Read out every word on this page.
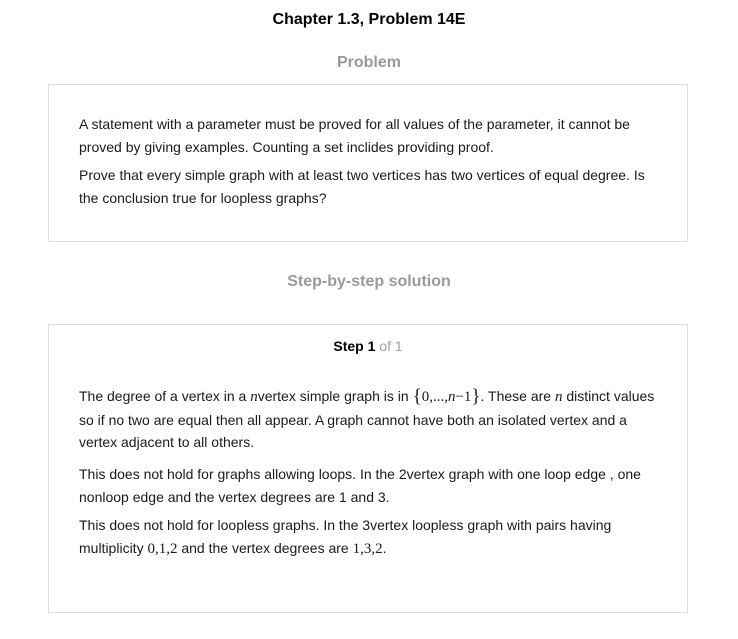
Chapter 1.3, Problem 14E
Problem

A statement with a parameter must be proved for all values of the parameter, it cannot be proved by giving examples. Counting a set inclides providing proof.

Prove that every simple graph with at least two vertices has two vertices of equal degree. Is the conclusion true for loopless graphs?

Step-by-step solution
Step 1 of 1

The degree of a vertex in a nvertex simple graph is in {0,...,n−1}. These are n distinct values so if no two are equal then all appear. A graph cannot have both an isolated vertex and a vertex adjacent to all others.

This does not hold for graphs allowing loops. In the 2vertex graph with one loop edge , one nonloop edge and the vertex degrees are 1 and 3.

This does not hold for loopless graphs. In the 3vertex loopless graph with pairs having multiplicity 0,1,2 and the vertex degrees are 1,3,2.
